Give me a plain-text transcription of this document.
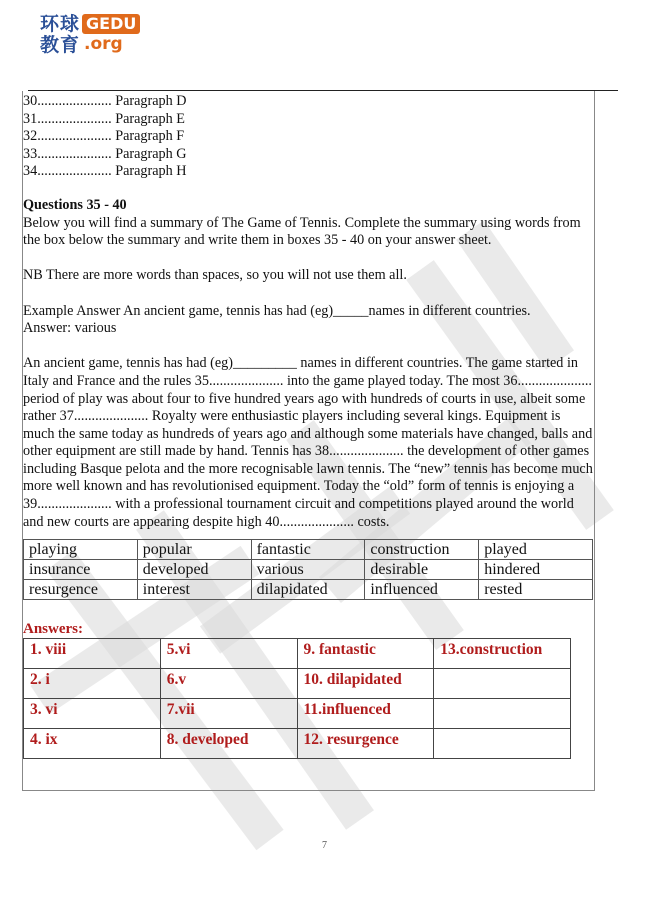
环球
教育
GEDU
.org
30..................... Paragraph D
31..................... Paragraph E
32..................... Paragraph F
33..................... Paragraph G
34..................... Paragraph H
Questions 35 - 40
Below you will find a summary of The Game of Tennis. Complete the summary using words from the box below the summary and write them in boxes 35 - 40 on your answer sheet.
NB There are more words than spaces, so you will not use them all.
Example Answer An ancient game, tennis has had (eg)_____names in different countries.
Answer: various
An ancient game, tennis has had (eg)_________ names in different countries. The game started in Italy and France and the rules 35..................... into the game played today. The most 36..................... period of play was about four to five hundred years ago with hundreds of courts in use, albeit some rather 37..................... Royalty were enthusiastic players including several kings. Equipment is much the same today as hundreds of years ago and although some materials have changed, balls and other equipment are still made by hand. Tennis has 38..................... the development of other games including Basque pelota and the more recognisable lawn tennis. The “new” tennis has become much more well known and has revolutionised equipment. Today the “old” form of tennis is enjoying a 39..................... with a professional tournament circuit and competitions played around the world and new courts are appearing despite high 40..................... costs.
playing	popular	fantastic	construction	played
insurance	developed	various	desirable	hindered
resurgence	interest	dilapidated	influenced	rested
Answers:
1. viii	5.vi	9. fantastic	13.construction
2. i	6.v	10. dilapidated	
3. vi	7.vii	11.influenced	
4. ix	8. developed	12. resurgence	
7
